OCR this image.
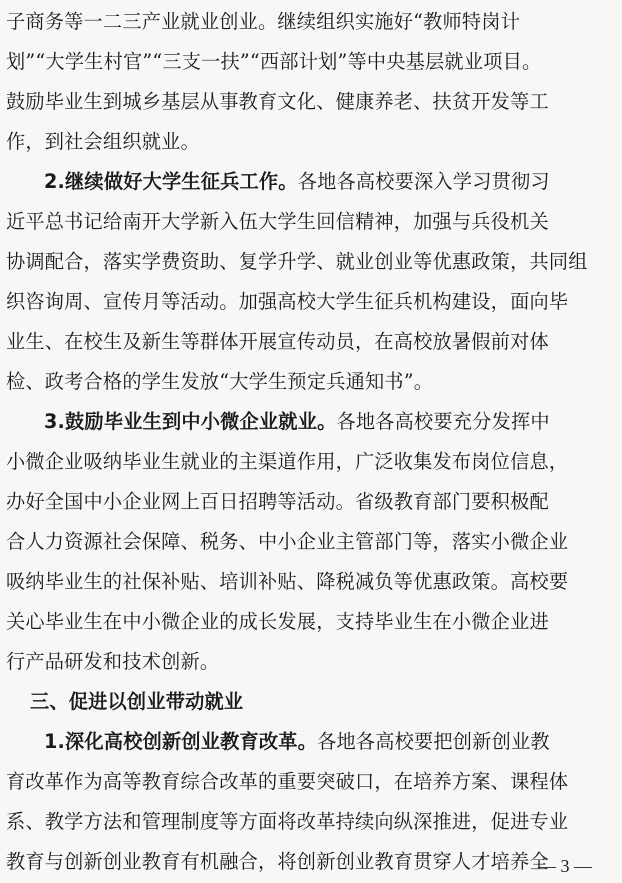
子商务等一二三产业就业创业。继续组织实施好“教师特岗计
划”“大学生村官”“三支一扶”“西部计划”等中央基层就业项目。
鼓励毕业生到城乡基层从事教育文化、健康养老、扶贫开发等工
作，到社会组织就业。
2.继续做好大学生征兵工作。各地各高校要深入学习贯彻习
近平总书记给南开大学新入伍大学生回信精神，加强与兵役机关
协调配合，落实学费资助、复学升学、就业创业等优惠政策，共同组
织咨询周、宣传月等活动。加强高校大学生征兵机构建设，面向毕
业生、在校生及新生等群体开展宣传动员，在高校放暑假前对体
检、政考合格的学生发放“大学生预定兵通知书”。
3.鼓励毕业生到中小微企业就业。各地各高校要充分发挥中
小微企业吸纳毕业生就业的主渠道作用，广泛收集发布岗位信息，
办好全国中小企业网上百日招聘等活动。省级教育部门要积极配
合人力资源社会保障、税务、中小企业主管部门等，落实小微企业
吸纳毕业生的社保补贴、培训补贴、降税减负等优惠政策。高校要
关心毕业生在中小微企业的成长发展，支持毕业生在小微企业进
行产品研发和技术创新。
三、促进以创业带动就业
1.深化高校创新创业教育改革。各地各高校要把创新创业教
育改革作为高等教育综合改革的重要突破口，在培养方案、课程体
系、教学方法和管理制度等方面将改革持续向纵深推进，促进专业
教育与创新创业教育有机融合，将创新创业教育贯穿人才培养全
— 3 —
